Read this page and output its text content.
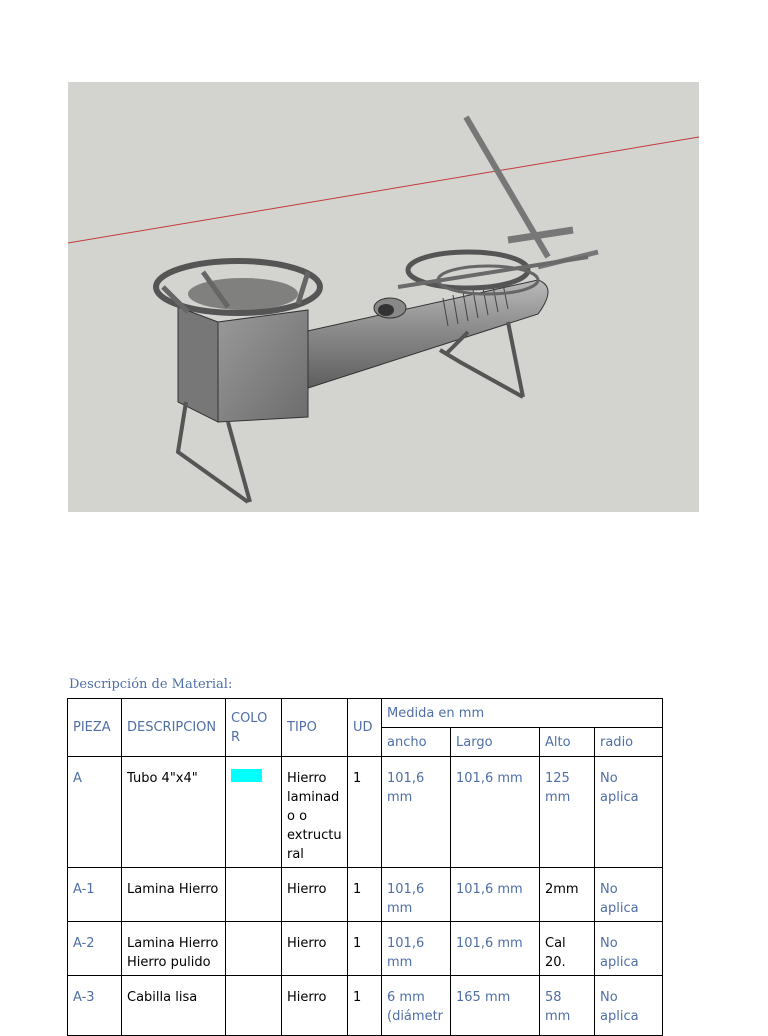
Descripción de Material:
PIEZA	DESCRIPCION	COLOR	TIPO	UD	Medida en mm			
					ancho	Largo	Alto	radio
A	Tubo 4"x4"		Hierro laminado o extructural	1	101,6 mm	101,6 mm	125 mm	No aplica
A-1	Lamina Hierro		Hierro	1	101,6 mm	101,6 mm	2mm	No aplica
A-2	Lamina Hierro Hierro pulido		Hierro	1	101,6 mm	101,6 mm	Cal 20.	No aplica
A-3	Cabilla lisa		Hierro	1	6 mm (diámetr	165 mm	58 mm	No aplica
